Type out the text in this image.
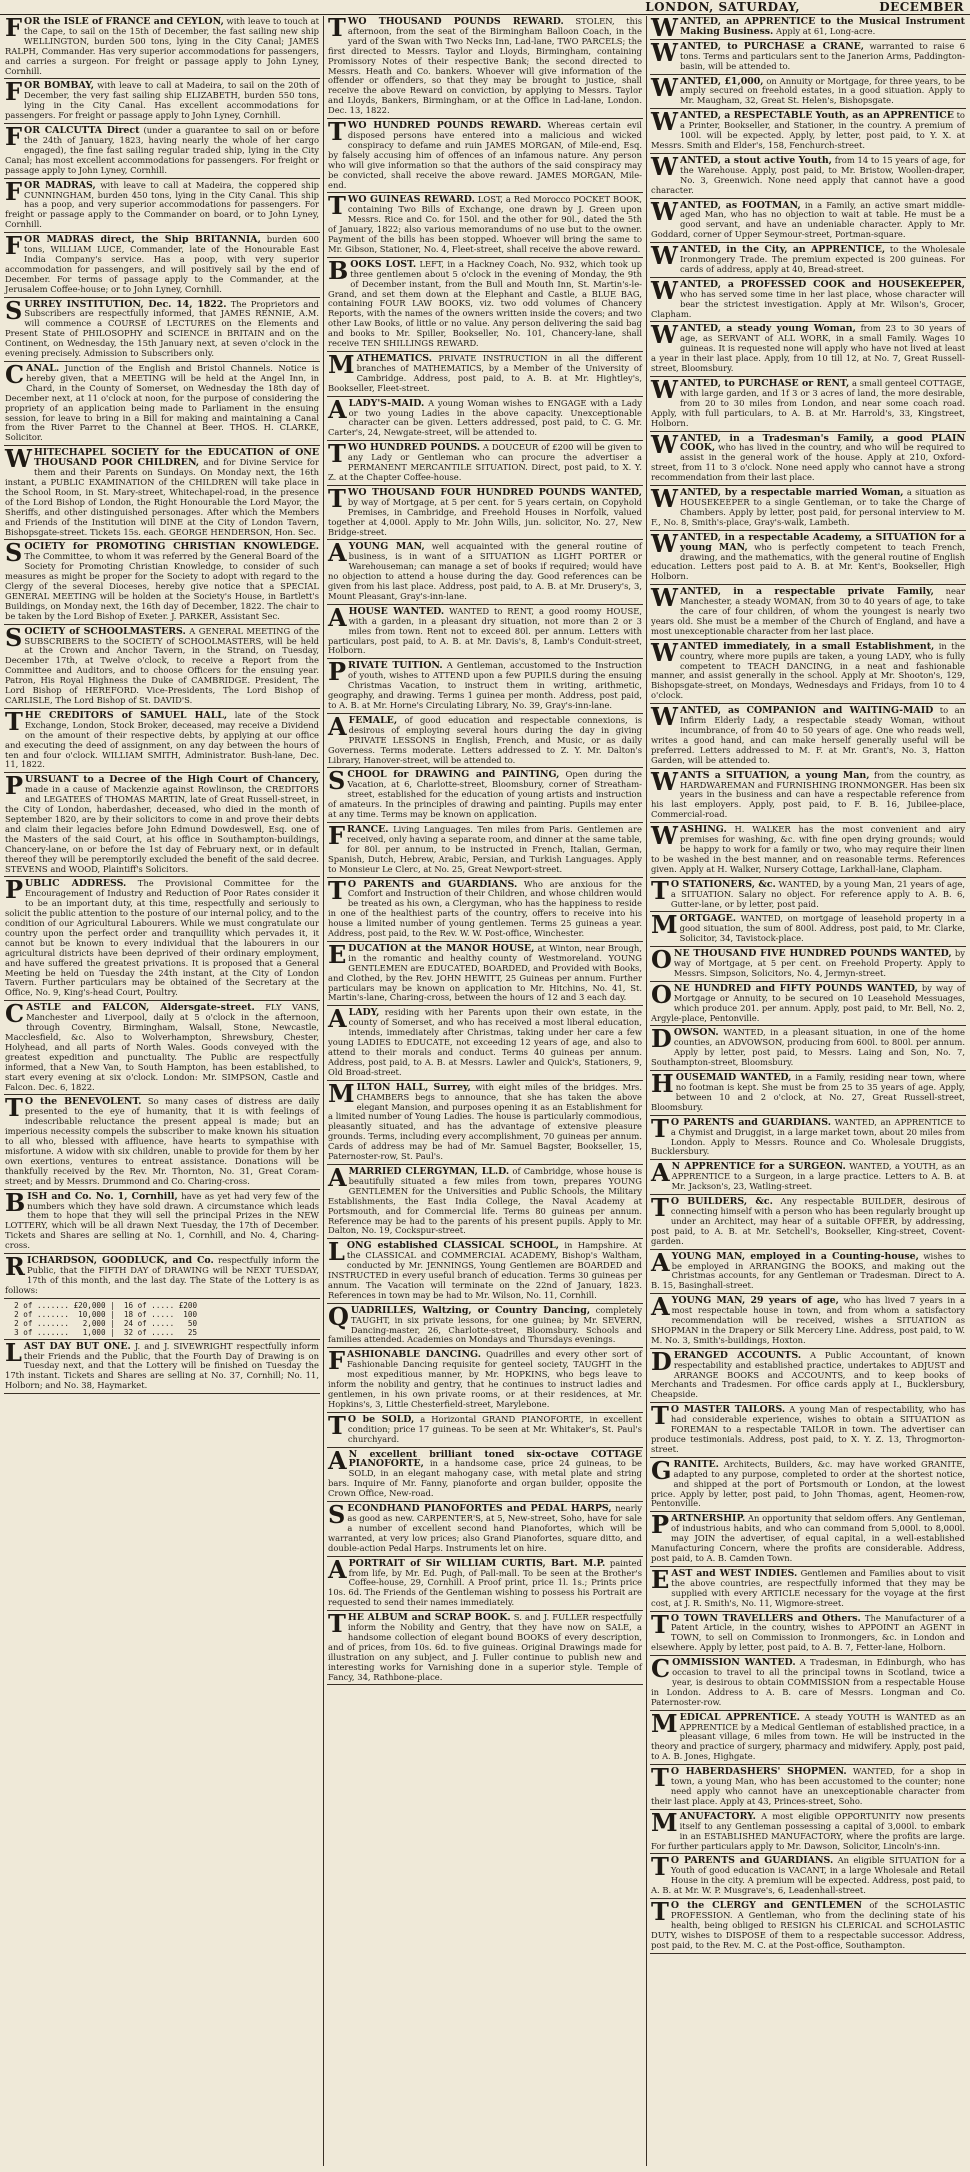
LONDON, SATURDAY,	DECEMBER

FOR the ISLE of FRANCE and CEYLON, with leave to touch at the Cape, to sail on the 15th of December, the fast sailing new ship WELLINGTON, burden 500 tons, lying in the City Canal; JAMES RALPH, Commander. Has very superior accommodations for passengers, and carries a surgeon. For freight or passage apply to John Lyney, Cornhill.

FOR BOMBAY, with leave to call at Madeira, to sail on the 20th of December, the very fast sailing ship ELIZABETH, burden 550 tons, lying in the City Canal. Has excellent accommodations for passengers. For freight or passage apply to John Lyney, Cornhill.

FOR CALCUTTA Direct (under a guarantee to sail on or before the 24th of January, 1823, having nearly the whole of her cargo engaged), the fine fast sailing regular traded ship, lying in the City Canal; has most excellent accommodations for passengers. For freight or passage apply to John Lyney, Cornhill.

FOR MADRAS, with leave to call at Madeira, the coppered ship CUNNINGHAM, burden 450 tons, lying in the City Canal. This ship has a poop, and very superior accommodations for passengers. For freight or passage apply to the Commander on board, or to John Lyney, Cornhill.

FOR MADRAS direct, the Ship BRITANNIA, burden 600 tons, WILLIAM LUCE, Commander, late of the Honourable East India Company's service. Has a poop, with very superior accommodation for passengers, and will positively sail by the end of December. For terms of passage apply to the Commander, at the Jerusalem Coffee-house; or to John Lyney, Cornhill.

SURREY INSTITUTION, Dec. 14, 1822. The Proprietors and Subscribers are respectfully informed, that JAMES RENNIE, A.M. will commence a COURSE of LECTURES on the Elements and Present State of PHILOSOPHY and SCIENCE in BRITAIN and on the Continent, on Wednesday, the 15th January next, at seven o'clock in the evening precisely. Admission to Subscribers only.

CANAL. Junction of the English and Bristol Channels. Notice is hereby given, that a MEETING will be held at the Angel Inn, in Chard, in the County of Somerset, on Wednesday the 18th day of December next, at 11 o'clock at noon, for the purpose of considering the propriety of an application being made to Parliament in the ensuing session, for leave to bring in a Bill for making and maintaining a Canal from the River Parret to the Channel at Beer. THOS. H. CLARKE, Solicitor.

WHITECHAPEL SOCIETY for the EDUCATION of ONE THOUSAND POOR CHILDREN, and for Divine Service for them and their Parents on Sundays. On Monday next, the 16th instant, a PUBLIC EXAMINATION of the CHILDREN will take place in the School Room, in St. Mary-street, Whitechapel-road, in the presence of the Lord Bishop of London, the Right Honourable the Lord Mayor, the Sheriffs, and other distinguished personages. After which the Members and Friends of the Institution will DINE at the City of London Tavern, Bishopsgate-street. Tickets 15s. each. GEORGE HENDERSON, Hon. Sec.

SOCIETY for PROMOTING CHRISTIAN KNOWLEDGE. The Committee, to whom it was referred by the General Board of the Society for Promoting Christian Knowledge, to consider of such measures as might be proper for the Society to adopt with regard to the Clergy of the several Dioceses, hereby give notice that a SPECIAL GENERAL MEETING will be holden at the Society's House, in Bartlett's Buildings, on Monday next, the 16th day of December, 1822. The chair to be taken by the Lord Bishop of Exeter. J. PARKER, Assistant Sec.

SOCIETY of SCHOOLMASTERS. A GENERAL MEETING of the SUBSCRIBERS to the SOCIETY of SCHOOLMASTERS, will be held at the Crown and Anchor Tavern, in the Strand, on Tuesday, December 17th, at Twelve o'clock, to receive a Report from the Committee and Auditors, and to choose Officers for the ensuing year. Patron, His Royal Highness the Duke of CAMBRIDGE. President, The Lord Bishop of HEREFORD. Vice-Presidents, The Lord Bishop of CARLISLE, The Lord Bishop of St. DAVID'S.

THE CREDITORS of SAMUEL HALL, late of the Stock Exchange, London, Stock Broker, deceased, may receive a Dividend on the amount of their respective debts, by applying at our office and executing the deed of assignment, on any day between the hours of ten and four o'clock. WILLIAM SMITH, Administrator. Bush-lane, Dec. 11, 1822.

PURSUANT to a Decree of the High Court of Chancery, made in a cause of Mackenzie against Rowlinson, the CREDITORS and LEGATEES of THOMAS MARTIN, late of Great Russell-street, in the City of London, haberdasher, deceased, who died in the month of September 1820, are by their solicitors to come in and prove their debts and claim their legacies before John Edmund Dowdeswell, Esq. one of the Masters of the said Court, at his office in Southampton-buildings, Chancery-lane, on or before the 1st day of February next, or in default thereof they will be peremptorily excluded the benefit of the said decree. STEVENS and WOOD, Plaintiff's Solicitors.

PUBLIC ADDRESS. The Provisional Committee for the Encouragement of Industry and Reduction of Poor Rates consider it to be an important duty, at this time, respectfully and seriously to solicit the public attention to the posture of our internal policy, and to the condition of our Agricultural Labourers. While we must congratulate our country upon the perfect order and tranquillity which pervades it, it cannot but be known to every individual that the labourers in our agricultural districts have been deprived of their ordinary employment, and have suffered the greatest privations. It is proposed that a General Meeting be held on Tuesday the 24th instant, at the City of London Tavern. Further particulars may be obtained of the Secretary at the Office, No. 9, King's-head Court, Poultry.

CASTLE and FALCON, Aldersgate-street. FLY VANS, Manchester and Liverpool, daily at 5 o'clock in the afternoon, through Coventry, Birmingham, Walsall, Stone, Newcastle, Macclesfield, &c. Also to Wolverhampton, Shrewsbury, Chester, Holyhead, and all parts of North Wales. Goods conveyed with the greatest expedition and punctuality. The Public are respectfully informed, that a New Van, to South Hampton, has been established, to start every evening at six o'clock. London: Mr. SIMPSON, Castle and Falcon. Dec. 6, 1822.

T O the BENEVOLENT. So many cases of distress are daily presented to the eye of humanity, that it is with feelings of indescribable reluctance the present appeal is made; but an imperious necessity compels the subscriber to make known his situation to all who, blessed with affluence, have hearts to sympathise with misfortune. A widow with six children, unable to provide for them by her own exertions, ventures to entreat assistance. Donations will be thankfully received by the Rev. Mr. Thornton, No. 31, Great Coram-street; and by Messrs. Drummond and Co. Charing-cross.

BISH and Co. No. 1, Cornhill, have as yet had very few of the numbers which they have sold drawn. A circumstance which leads them to hope that they will sell the principal Prizes in the NEW LOTTERY, which will be all drawn Next Tuesday, the 17th of December. Tickets and Shares are selling at No. 1, Cornhill, and No. 4, Charing-cross.

RICHARDSON, GOODLUCK, and Co. respectfully inform the Public, that the FIFTH DAY of DRAWING will be NEXT TUESDAY, 17th of this month, and the last day. The State of the Lottery is as follows:

2 of ....... £20,000 |  16 of ..... £200
2 of .......  10,000 |  18 of .....  100
2 of .......   2,000 |  24 of .....   50
3 of .......   1,000 |  32 of .....   25

LAST DAY BUT ONE. J. and J. SIVEWRIGHT respectfully inform their Friends and the Public, that the Fourth Day of Drawing is on Tuesday next, and that the Lottery will be finished on Tuesday the 17th instant. Tickets and Shares are selling at No. 37, Cornhill; No. 11, Holborn; and No. 38, Haymarket.

TWO THOUSAND POUNDS REWARD. STOLEN, this afternoon, from the seat of the Birmingham Balloon Coach, in the yard of the Swan with Two Necks Inn, Lad-lane, TWO PARCELS; the first directed to Messrs. Taylor and Lloyds, Birmingham, containing Promissory Notes of their respective Bank; the second directed to Messrs. Heath and Co. bankers. Whoever will give information of the offender or offenders, so that they may be brought to justice, shall receive the above Reward on conviction, by applying to Messrs. Taylor and Lloyds, Bankers, Birmingham, or at the Office in Lad-lane, London. Dec. 13, 1822.

TWO HUNDRED POUNDS REWARD. Whereas certain evil disposed persons have entered into a malicious and wicked conspiracy to defame and ruin JAMES MORGAN, of Mile-end, Esq. by falsely accusing him of offences of an infamous nature. Any person who will give information so that the authors of the said conspiracy may be convicted, shall receive the above reward. JAMES MORGAN, Mile-end.

TWO GUINEAS REWARD. LOST, a Red Morocco POCKET BOOK, containing Two Bills of Exchange, one drawn by J. Green upon Messrs. Rice and Co. for 150l. and the other for 90l., dated the 5th of January, 1822; also various memorandums of no use but to the owner. Payment of the bills has been stopped. Whoever will bring the same to Mr. Gibson, Stationer, No. 4, Fleet-street, shall receive the above reward.

BOOKS LOST. LEFT, in a Hackney Coach, No. 932, which took up three gentlemen about 5 o'clock in the evening of Monday, the 9th of December instant, from the Bull and Mouth Inn, St. Martin's-le-Grand, and set them down at the Elephant and Castle, a BLUE BAG, containing FOUR LAW BOOKS, viz. two odd volumes of Chancery Reports, with the names of the owners written inside the covers; and two other Law Books, of little or no value. Any person delivering the said bag and books to Mr. Spiller, Bookseller, No. 101, Chancery-lane, shall receive TEN SHILLINGS REWARD.

MATHEMATICS. PRIVATE INSTRUCTION in all the different branches of MATHEMATICS, by a Member of the University of Cambridge. Address, post paid, to A. B. at Mr. Hightley's, Bookseller, Fleet-street.

A LADY'S-MAID. A young Woman wishes to ENGAGE with a Lady or two young Ladies in the above capacity. Unexceptionable character can be given. Letters addressed, post paid, to C. G. Mr. Carter's, 24, Newgate-street, will be attended to.

TWO HUNDRED POUNDS. A DOUCEUR of £200 will be given to any Lady or Gentleman who can procure the advertiser a PERMANENT MERCANTILE SITUATION. Direct, post paid, to X. Y. Z. at the Chapter Coffee-house.

TWO THOUSAND FOUR HUNDRED POUNDS WANTED, by way of Mortgage, at 5 per cent. for 5 years certain, on Copyhold Premises, in Cambridge, and Freehold Houses in Norfolk, valued together at 4,000l. Apply to Mr. John Wills, jun. solicitor, No. 27, New Bridge-street.

A YOUNG MAN, well acquainted with the general routine of business, is in want of a SITUATION as LIGHT PORTER or Warehouseman; can manage a set of books if required; would have no objection to attend a house during the day. Good references can be given from his last place. Address, post paid, to A. B. at Mr. Drusery's, 3, Mount Pleasant, Gray's-inn-lane.

A HOUSE WANTED. WANTED to RENT, a good roomy HOUSE, with a garden, in a pleasant dry situation, not more than 2 or 3 miles from town. Rent not to exceed 80l. per annum. Letters with particulars, post paid, to A. B. at Mr. Davis's, 8, Lamb's Conduit-street, Holborn.

PRIVATE TUITION. A Gentleman, accustomed to the Instruction of youth, wishes to ATTEND upon a few PUPILS during the ensuing Christmas Vacation, to instruct them in writing, arithmetic, geography, and drawing. Terms 1 guinea per month. Address, post paid, to A. B. at Mr. Horne's Circulating Library, No. 39, Gray's-inn-lane.

A FEMALE, of good education and respectable connexions, is desirous of employing several hours during the day in giving PRIVATE LESSONS in English, French, and Music, or as daily Governess. Terms moderate. Letters addressed to Z. Y. Mr. Dalton's Library, Hanover-street, will be attended to.

SCHOOL for DRAWING and PAINTING, Open during the Vacation, at 6, Charlotte-street, Bloomsbury, corner of Streatham-street, established for the education of young artists and instruction of amateurs. In the principles of drawing and painting. Pupils may enter at any time. Terms may be known on application.

FRANCE. Living Languages. Ten miles from Paris. Gentlemen are received, only having a separate room, and dinner at the same table, for 80l. per annum, to be instructed in French, Italian, German, Spanish, Dutch, Hebrew, Arabic, Persian, and Turkish Languages. Apply to Monsieur Le Clerc, at No. 25, Great Newport-street.

T O PARENTS and GUARDIANS. Who are anxious for the Comfort and Instruction of their Children, and whose children would be treated as his own, a Clergyman, who has the happiness to reside in one of the healthiest parts of the country, offers to receive into his house a limited number of young gentlemen. Terms 25 guineas a year. Address, post paid, to the Rev. W. W. Post-office, Winchester.

EDUCATION at the MANOR HOUSE, at Winton, near Brough, in the romantic and healthy county of Westmoreland. YOUNG GENTLEMEN are EDUCATED, BOARDED, and Provided with Books, and Clothed, by the Rev. JOHN HEWITT, 25 Guineas per annum. Further particulars may be known on application to Mr. Hitchins, No. 41, St. Martin's-lane, Charing-cross, between the hours of 12 and 3 each day.

A LADY, residing with her Parents upon their own estate, in the county of Somerset, and who has received a most liberal education, intends, immediately after Christmas, taking under her care a few young LADIES to EDUCATE, not exceeding 12 years of age, and also to attend to their morals and conduct. Terms 40 guineas per annum. Address, post paid, to A. B. at Messrs. Lawler and Quick's, Stationers, 9, Old Broad-street.

MILTON HALL, Surrey, with eight miles of the bridges. Mrs. CHAMBERS begs to announce, that she has taken the above elegant Mansion, and purposes opening it as an Establishment for a limited number of Young Ladies. The house is particularly commodious, pleasantly situated, and has the advantage of extensive pleasure grounds. Terms, including every accomplishment, 70 guineas per annum. Cards of address may be had of Mr. Samuel Bagster, Bookseller, 15, Paternoster-row, St. Paul's.

A MARRIED CLERGYMAN, LL.D. of Cambridge, whose house is beautifully situated a few miles from town, prepares YOUNG GENTLEMEN for the Universities and Public Schools, the Military Establishments, the East India College, the Naval Academy at Portsmouth, and for Commercial life. Terms 80 guineas per annum. Reference may be had to the parents of his present pupils. Apply to Mr. Dalton, No. 19, Cockspur-street.

LONG established CLASSICAL SCHOOL, in Hampshire. At the CLASSICAL and COMMERCIAL ACADEMY, Bishop's Waltham, conducted by Mr. JENNINGS, Young Gentlemen are BOARDED and INSTRUCTED in every useful branch of education. Terms 30 guineas per annum. The Vacation will terminate on the 22nd of January, 1823. References in town may be had to Mr. Wilson, No. 11, Cornhill.

QUADRILLES, Waltzing, or Country Dancing, completely TAUGHT, in six private lessons, for one guinea; by Mr. SEVERN, Dancing-master, 26, Charlotte-street, Bloomsbury. Schools and families attended. Academies on Mondays and Thursdays evenings.

FASHIONABLE DANCING. Quadrilles and every other sort of Fashionable Dancing requisite for genteel society, TAUGHT in the most expeditious manner, by Mr. HOPKINS, who begs leave to inform the nobility and gentry, that he continues to instruct ladies and gentlemen, in his own private rooms, or at their residences, at Mr. Hopkins's, 3, Little Chesterfield-street, Marylebone.

T O be SOLD, a Horizontal GRAND PIANOFORTE, in excellent condition; price 17 guineas. To be seen at Mr. Whitaker's, St. Paul's churchyard.

A N excellent brilliant toned six-octave COTTAGE PIANOFORTE, in a handsome case, price 24 guineas, to be SOLD, in an elegant mahogany case, with metal plate and string bars. Inquire of Mr. Fanny, pianoforte and organ builder, opposite the Crown Office, New-road.

SECONDHAND PIANOFORTES and PEDAL HARPS, nearly as good as new. CARPENTER'S, at 5, New-street, Soho, have for sale a number of excellent second hand Pianofortes, which will be warranted, at very low prices; also Grand Pianofortes, square ditto, and double-action Pedal Harps. Instruments let on hire.

A PORTRAIT of Sir WILLIAM CURTIS, Bart. M.P. painted from life, by Mr. Ed. Pugh, of Pall-mall. To be seen at the Brother's Coffee-house, 29, Cornhill. A Proof print, price 1l. 1s.; Prints price 10s. 6d. The Friends of the Gentleman wishing to possess his Portrait are requested to send their names immediately.

THE ALBUM and SCRAP BOOK. S. and J. FULLER respectfully inform the Nobility and Gentry, that they have now on SALE, a handsome collection of elegant bound BOOKS of every description, and of prices, from 10s. 6d. to five guineas. Original Drawings made for illustration on any subject, and J. Fuller continue to publish new and interesting works for Varnishing done in a superior style. Temple of Fancy, 34, Rathbone-place.

WANTED, an APPRENTICE to the Musical Instrument Making Business. Apply at 61, Long-acre.

WANTED, to PURCHASE a CRANE, warranted to raise 6 tons. Terms and particulars sent to the Janerion Arms, Paddington-basin, will be attended to.

WANTED, £1,000, on Annuity or Mortgage, for three years, to be amply secured on freehold estates, in a good situation. Apply to Mr. Maugham, 32, Great St. Helen's, Bishopsgate.

WANTED, a RESPECTABLE Youth, as an APPRENTICE to a Printer, Bookseller, and Stationer, in the country. A premium of 100l. will be expected. Apply, by letter, post paid, to Y. X. at Messrs. Smith and Elder's, 158, Fenchurch-street.

WANTED, a stout active Youth, from 14 to 15 years of age, for the Warehouse. Apply, post paid, to Mr. Bristow, Woollen-draper, No. 3, Greenwich. None need apply that cannot have a good character.

WANTED, as FOOTMAN, in a Family, an active smart middle-aged Man, who has no objection to wait at table. He must be a good servant, and have an undeniable character. Apply to Mr. Goddard, corner of Upper Seymour-street, Portman-square.

WANTED, in the City, an APPRENTICE, to the Wholesale Ironmongery Trade. The premium expected is 200 guineas. For cards of address, apply at 40, Bread-street.

WANTED, a PROFESSED COOK and HOUSEKEEPER, who has served some time in her last place, whose character will bear the strictest investigation. Apply at Mr. Wilson's, Grocer, Clapham.

WANTED, a steady young Woman, from 23 to 30 years of age, as SERVANT of ALL WORK, in a small Family. Wages 10 guineas. It is requested none will apply who have not lived at least a year in their last place. Apply, from 10 till 12, at No. 7, Great Russell-street, Bloomsbury.

WANTED, to PURCHASE or RENT, a small genteel COTTAGE, with large garden, and 1f 3 or 3 acres of land, the more desirable, from 20 to 30 miles from London, and near some coach road. Apply, with full particulars, to A. B. at Mr. Harrold's, 33, Kingstreet, Holborn.

WANTED, in a Tradesman's Family, a good PLAIN COOK, who has lived in the country, and who will be required to assist in the general work of the house. Apply at 210, Oxford-street, from 11 to 3 o'clock. None need apply who cannot have a strong recommendation from their last place.

WANTED, by a respectable married Woman, a situation as HOUSEKEEPER to a single Gentleman, or to take the Charge of Chambers. Apply by letter, post paid, for personal interview to M. F., No. 8, Smith's-place, Gray's-walk, Lambeth.

WANTED, in a respectable Academy, a SITUATION for a young MAN, who is perfectly competent to teach French, drawing, and the mathematics, with the general routine of English education. Letters post paid to A. B. at Mr. Kent's, Bookseller, High Holborn.

WANTED, in a respectable private Family, near Manchester, a steady WOMAN, from 30 to 40 years of age, to take the care of four children, of whom the youngest is nearly two years old. She must be a member of the Church of England, and have a most unexceptionable character from her last place.

WANTED immediately, in a small Establishment, in the country, where more pupils are taken, a young LADY, who is fully competent to TEACH DANCING, in a neat and fashionable manner, and assist generally in the school. Apply at Mr. Shooton's, 129, Bishopsgate-street, on Mondays, Wednesdays and Fridays, from 10 to 4 o'clock.

WANTED, as COMPANION and WAITING-MAID to an Infirm Elderly Lady, a respectable steady Woman, without incumbrance, of from 40 to 50 years of age. One who reads well, writes a good hand, and can make herself generally useful will be preferred. Letters addressed to M. F. at Mr. Grant's, No. 3, Hatton Garden, will be attended to.

WANTS a SITUATION, a young Man, from the country, as HARDWAREMAN and FURNISHING IRONMONGER. Has been six years in the business and can have a respectable reference from his last employers. Apply, post paid, to F. B. 16, Jubilee-place, Commercial-road.

WASHING. H. WALKER has the most convenient and airy premises for washing, &c. with fine open drying grounds; would be happy to work for a family or two, who may require their linen to be washed in the best manner, and on reasonable terms. References given. Apply at H. Walker, Nursery Cottage, Larkhall-lane, Clapham.

T O STATIONERS, &c. WANTED, by a young Man, 21 years of age, a SITUATION. Salary no object. For reference apply to A. B. 6, Gutter-lane, or by letter, post paid.

MORTGAGE. WANTED, on mortgage of leasehold property in a good situation, the sum of 800l. Address, post paid, to Mr. Clarke, Solicitor, 34, Tavistock-place.

ONE THOUSAND FIVE HUNDRED POUNDS WANTED, by way of Mortgage, at 5 per cent. on Freehold Property. Apply to Messrs. Simpson, Solicitors, No. 4, Jermyn-street.

ONE HUNDRED and FIFTY POUNDS WANTED, by way of Mortgage or Annuity, to be secured on 10 Leasehold Messuages, which produce 201. per annum. Apply, post paid, to Mr. Bell, No. 2, Argyle-place, Pentonville.

DOWSON. WANTED, in a pleasant situation, in one of the home counties, an ADVOWSON, producing from 600l. to 800l. per annum. Apply by letter, post paid, to Messrs. Laing and Son, No. 7, Southampton-street, Bloomsbury.

HOUSEMAID WANTED, in a Family, residing near town, where no footman is kept. She must be from 25 to 35 years of age. Apply, between 10 and 2 o'clock, at No. 27, Great Russell-street, Bloomsbury.

T O PARENTS and GUARDIANS. WANTED, an APPRENTICE to a Chymist and Druggist, in a large market town, about 20 miles from London. Apply to Messrs. Rounce and Co. Wholesale Druggists, Bucklersbury.

A N APPRENTICE for a SURGEON. WANTED, a YOUTH, as an APPRENTICE to a Surgeon, in a large practice. Letters to A. B. at Mr. Jackson's, 23, Watling-street.

T O BUILDERS, &c. Any respectable BUILDER, desirous of connecting himself with a person who has been regularly brought up under an Architect, may hear of a suitable OFFER, by addressing, post paid, to A. B. at Mr. Setchell's, Bookseller, King-street, Covent-garden.

A YOUNG MAN, employed in a Counting-house, wishes to be employed in ARRANGING the BOOKS, and making out the Christmas accounts, for any Gentleman or Tradesman. Direct to A. B. 15, Basinghall-street.

A YOUNG MAN, 29 years of age, who has lived 7 years in a most respectable house in town, and from whom a satisfactory recommendation will be received, wishes a SITUATION as SHOPMAN in the Drapery or Silk Mercery Line. Address, post paid, to W. M. No. 3, Smith's-buildings, Hoxton.

DERANGED ACCOUNTS. A Public Accountant, of known respectability and established practice, undertakes to ADJUST and ARRANGE BOOKS and ACCOUNTS, and to keep books of Merchants and Tradesmen. For office cards apply at I., Bucklersbury, Cheapside.

T O MASTER TAILORS. A young Man of respectability, who has had considerable experience, wishes to obtain a SITUATION as FOREMAN to a respectable TAILOR in town. The advertiser can produce testimonials. Address, post paid, to X. Y. Z. 13, Throgmorton-street.

GRANITE. Architects, Builders, &c. may have worked GRANITE, adapted to any purpose, completed to order at the shortest notice, and shipped at the port of Portsmouth or London, at the lowest price. Apply by letter, post paid, to John Thomas, agent, Heomen-row, Pentonville.

PARTNERSHIP. An opportunity that seldom offers. Any Gentleman, of industrious habits, and who can command from 5,000l. to 8,000l. may JOIN the advertiser, of equal capital, in a well-established Manufacturing Concern, where the profits are considerable. Address, post paid, to A. B. Camden Town.

EAST and WEST INDIES. Gentlemen and Families about to visit the above countries, are respectfully informed that they may be supplied with every ARTICLE necessary for the voyage at the first cost, at J. R. Smith's, No. 11, Wigmore-street.

T O TOWN TRAVELLERS and Others. The Manufacturer of a Patent Article, in the country, wishes to APPOINT an AGENT in TOWN, to sell on Commission to Ironmongers, &c. in London and elsewhere. Apply by letter, post paid, to A. B. 7, Fetter-lane, Holborn.

COMMISSION WANTED. A Tradesman, in Edinburgh, who has occasion to travel to all the principal towns in Scotland, twice a year, is desirous to obtain COMMISSION from a respectable House in London. Address to A. B. care of Messrs. Longman and Co. Paternoster-row.

MEDICAL APPRENTICE. A steady YOUTH is WANTED as an APPRENTICE by a Medical Gentleman of established practice, in a pleasant village, 6 miles from town. He will be instructed in the theory and practice of surgery, pharmacy and midwifery. Apply, post paid, to A. B. Jones, Highgate.

T O HABERDASHERS' SHOPMEN. WANTED, for a shop in town, a young Man, who has been accustomed to the counter; none need apply who cannot have an unexceptionable character from their last place. Apply at 43, Princes-street, Soho.

MANUFACTORY. A most eligible OPPORTUNITY now presents itself to any Gentleman possessing a capital of 3,000l. to embark in an ESTABLISHED MANUFACTORY, where the profits are large. For further particulars apply to Mr. Dawson, Solicitor, Lincoln's-inn.

T O PARENTS and GUARDIANS. An eligible SITUATION for a Youth of good education is VACANT, in a large Wholesale and Retail House in the city. A premium will be expected. Address, post paid, to A. B. at Mr. W. P. Musgrave's, 6, Leadenhall-street.

T O the CLERGY and GENTLEMEN of the SCHOLASTIC PROFESSION. A Gentleman, who from the declining state of his health, being obliged to RESIGN his CLERICAL and SCHOLASTIC DUTY, wishes to DISPOSE of them to a respectable successor. Address, post paid, to the Rev. M. C. at the Post-office, Southampton.
